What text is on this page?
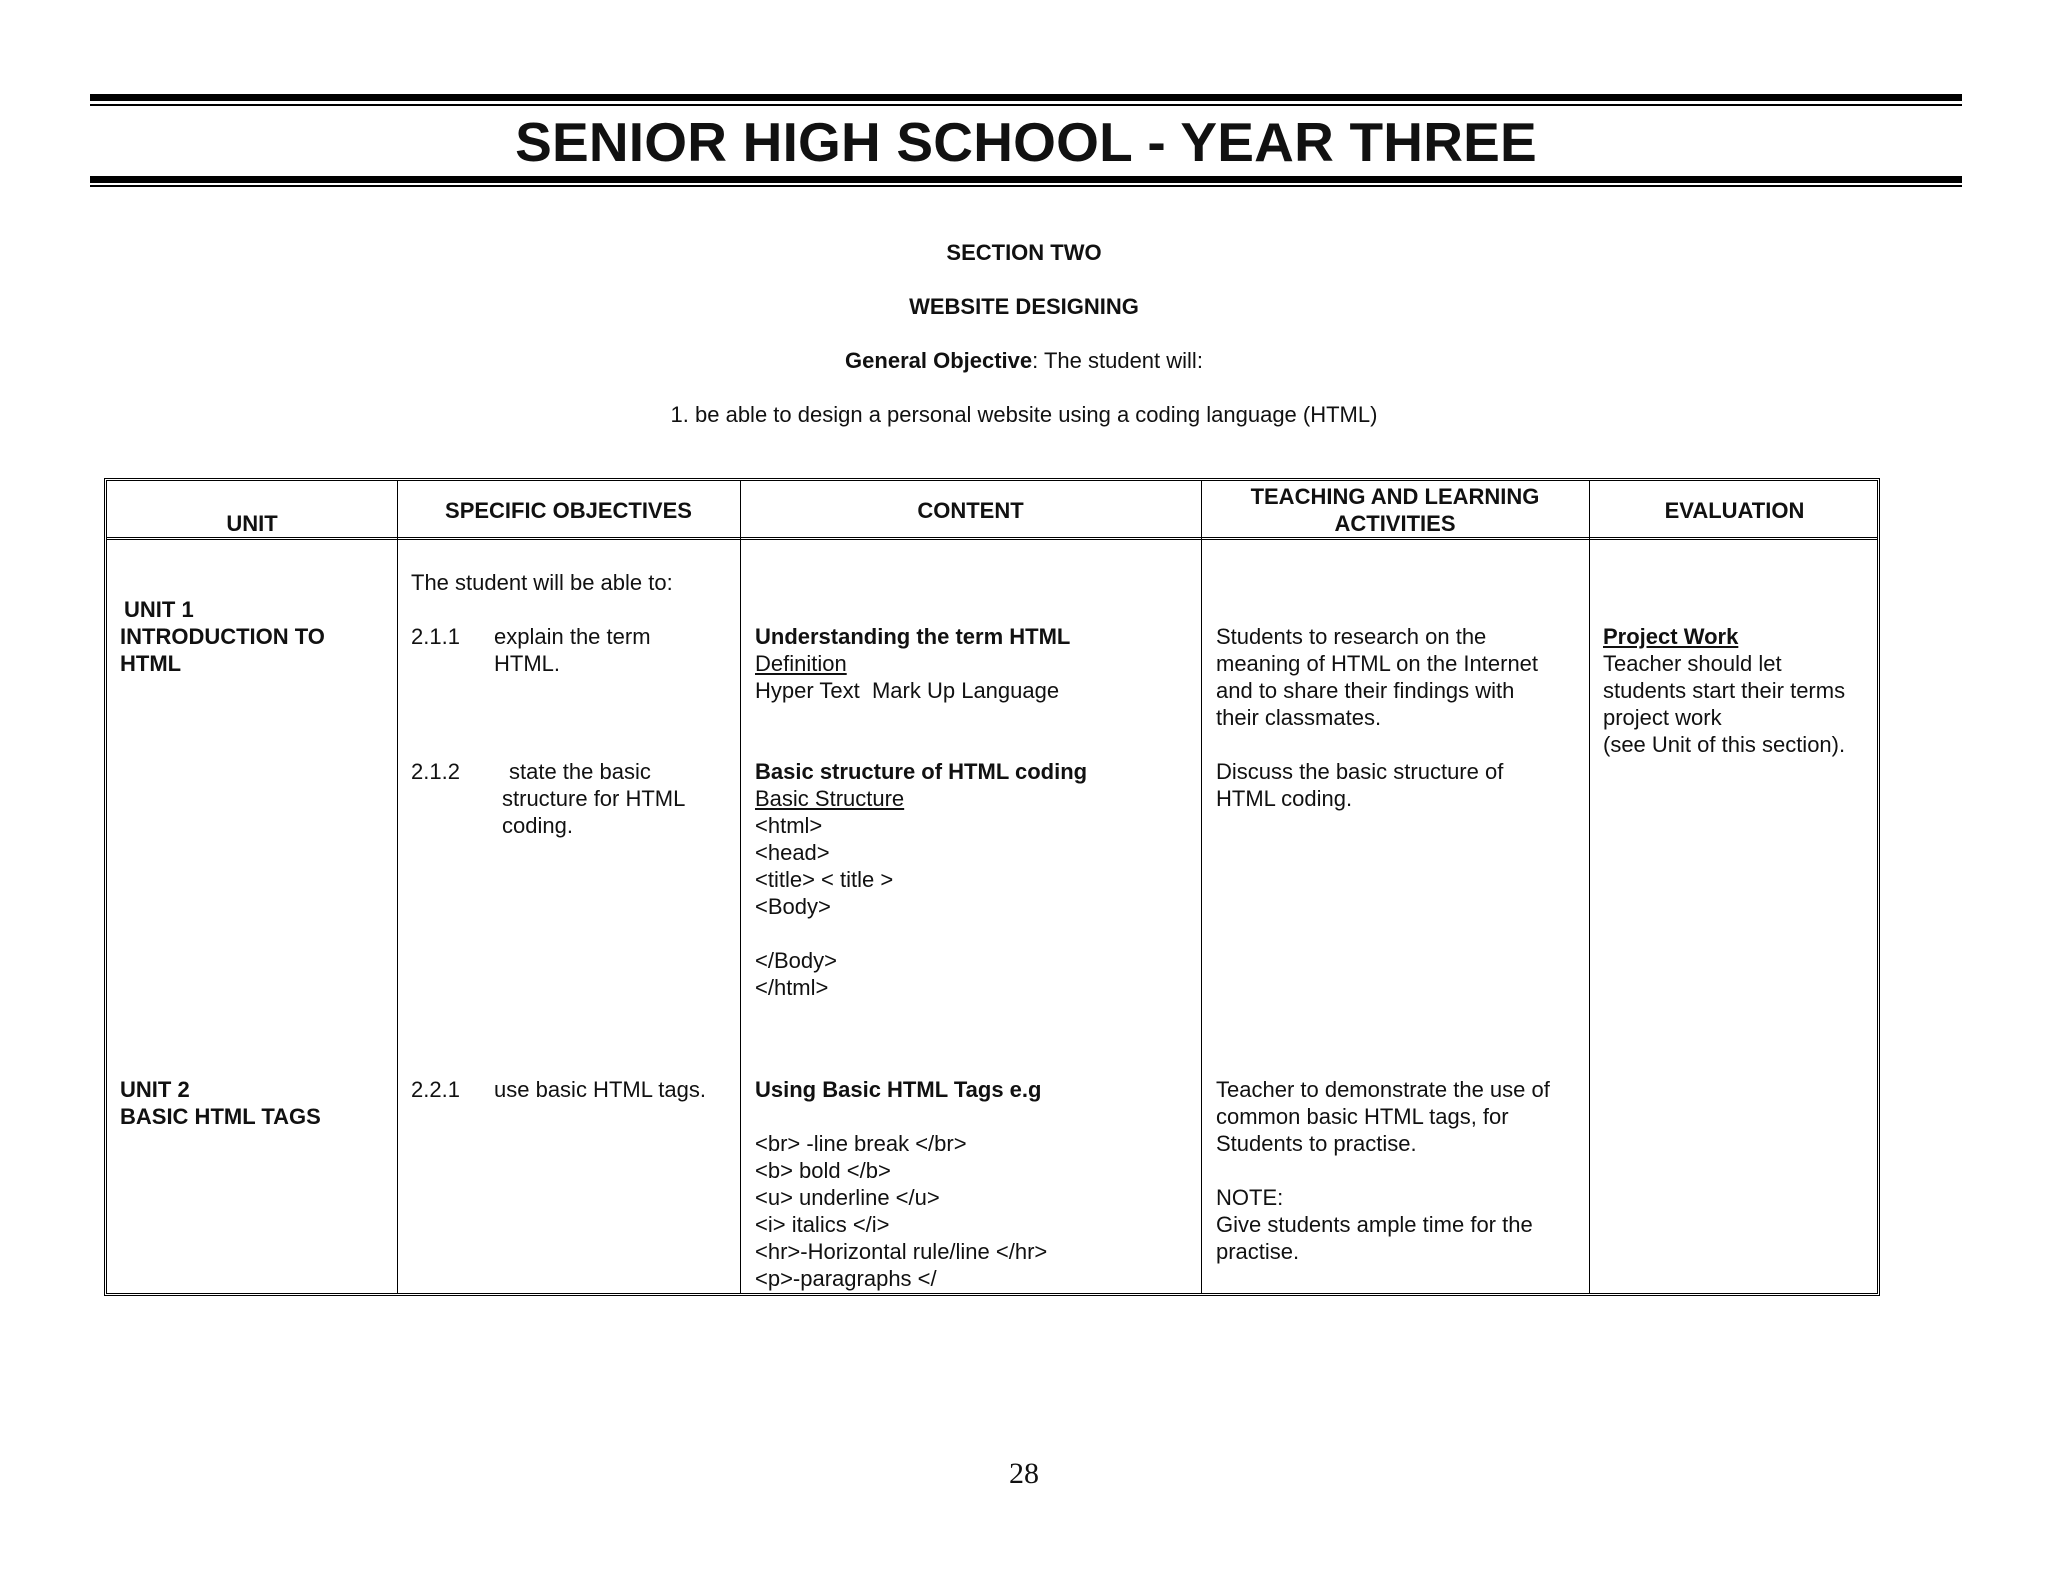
SENIOR HIGH SCHOOL - YEAR THREE
SECTION TWO
WEBSITE DESIGNING
General Objective: The student will:
1. be able to design a personal website using a coding language (HTML)
UNIT
SPECIFIC OBJECTIVES	CONTENT
TEACHING AND LEARNING
ACTIVITIES
EVALUATION
UNIT 1
INTRODUCTION TO
HTML
UNIT 2
BASIC HTML TAGS
The student will be able to:
2.1.1 explain the term
HTML.
2.1.2 state the basic
structure for HTML
coding.
2.2.1 use basic HTML tags.
Understanding the term HTML
Definition
Hyper Text  Mark Up Language
Basic structure of HTML coding
Basic Structure
<html>
<head>
<title> < title >
<Body>
</Body>
</html>
Using Basic HTML Tags e.g
<br> -line break </br>
<b> bold </b>
<u> underline </u>
<i> italics </i>
<hr>-Horizontal rule/line </hr>
<p>-paragraphs </
Students to research on the
meaning of HTML on the Internet
and to share their findings with
their classmates.
Discuss the basic structure of
HTML coding.
Teacher to demonstrate the use of
common basic HTML tags, for
Students to practise.
NOTE:
Give students ample time for the
practise.
Project Work
Teacher should let
students start their terms
project work
(see Unit of this section).
28
